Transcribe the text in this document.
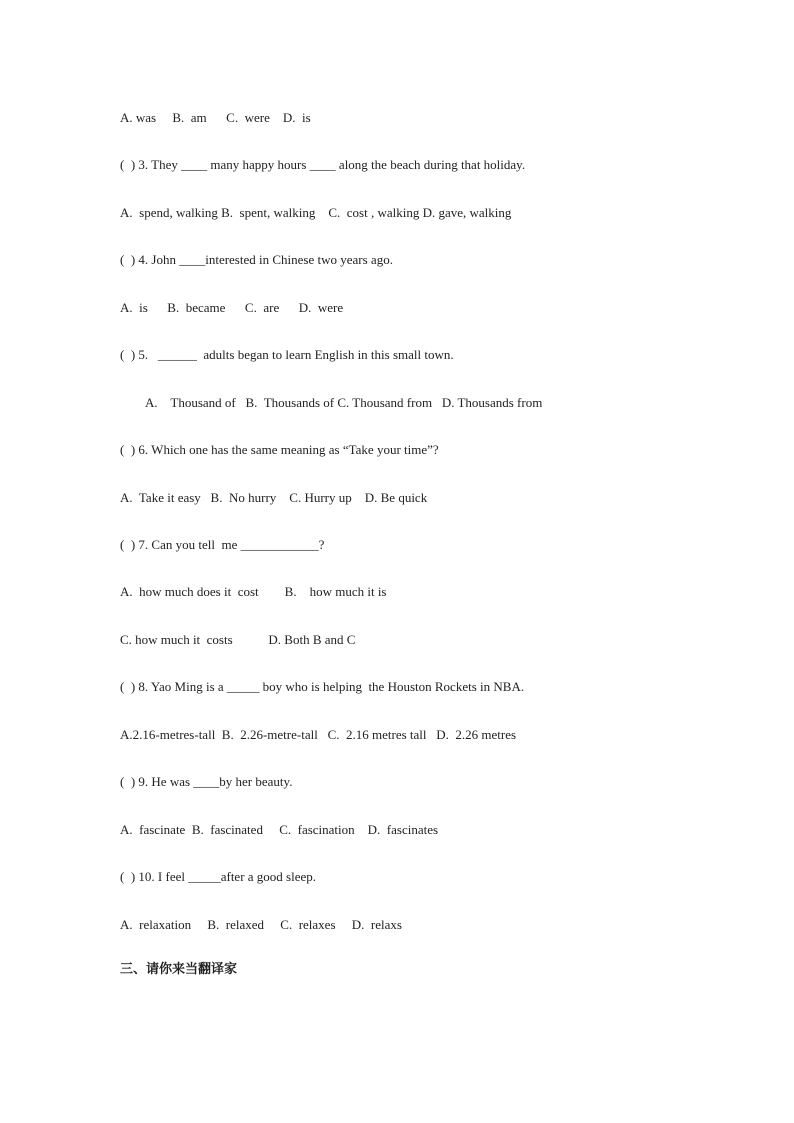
A. was     B.  am      C.  were    D.  is
(  ) 3. They ____ many happy hours ____ along the beach during that holiday.
A.  spend, walking B.  spent, walking    C.  cost , walking D. gave, walking
(  ) 4. John ____interested in Chinese two years ago.
A.  is      B.  became      C.  are      D.  were
(  ) 5.   ______  adults began to learn English in this small town.
A.    Thousand of   B.  Thousands of C. Thousand from   D. Thousands from
(  ) 6. Which one has the same meaning as “Take your time”?
A.  Take it easy   B.  No hurry    C. Hurry up    D. Be quick
(  ) 7. Can you tell  me ____________?
A.  how much does it  cost        B.    how much it is
C. how much it  costs           D. Both B and C
(  ) 8. Yao Ming is a _____ boy who is helping  the Houston Rockets in NBA.
A.2.16-metres-tall  B.  2.26-metre-tall   C.  2.16 metres tall   D.  2.26 metres
(  ) 9. He was ____by her beauty.
A.  fascinate  B.  fascinated     C.  fascination    D.  fascinates
(  ) 10. I feel _____after a good sleep.
A.  relaxation     B.  relaxed     C.  relaxes     D.  relaxs
三、请你来当翻译家
